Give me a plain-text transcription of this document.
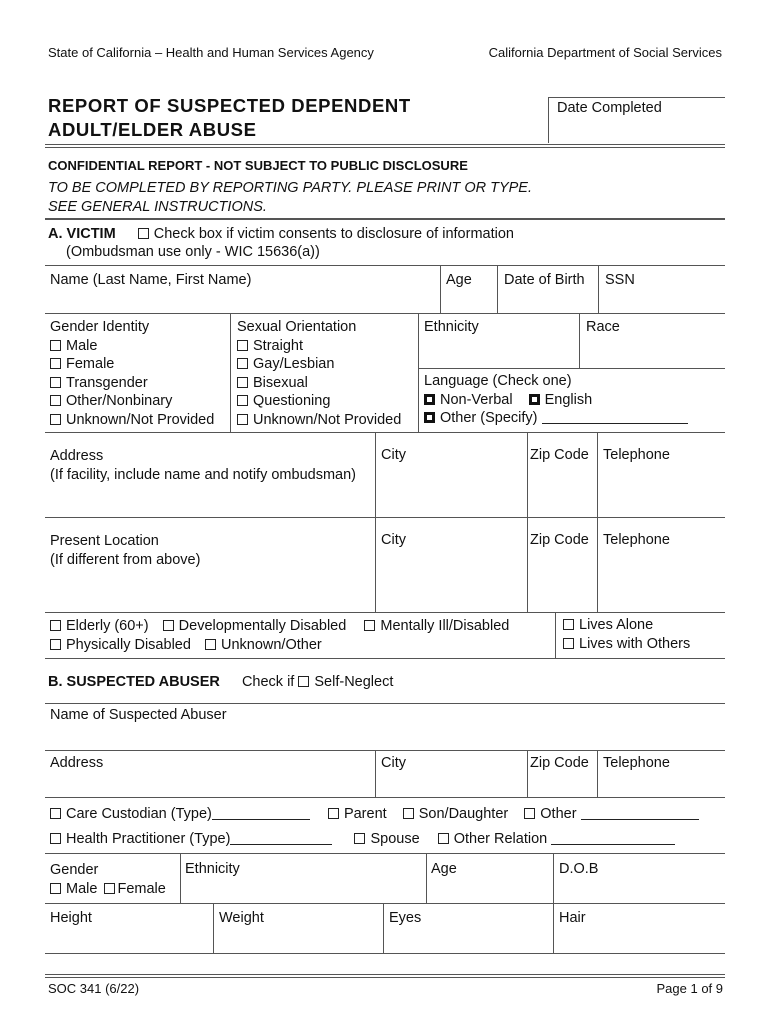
State of California – Health and Human Services Agency	California Department of Social Services
REPORT OF SUSPECTED DEPENDENT
ADULT/ELDER ABUSE
Date Completed
CONFIDENTIAL REPORT - NOT SUBJECT TO PUBLIC DISCLOSURE
TO BE COMPLETED BY REPORTING PARTY. PLEASE PRINT OR TYPE.
SEE GENERAL INSTRUCTIONS.
A. VICTIM	Check box if victim consents to disclosure of information
(Ombudsman use only - WIC 15636(a))
Name (Last Name, First Name)	Age Date of Birth SSN
Gender Identity
Male
Female
Transgender
Other/Nonbinary
Unknown/Not Provided
Sexual Orientation
Straight
Gay/Lesbian
Bisexual
Questioning
Unknown/Not Provided
Ethnicity	Race
Language (Check one)
Non-Verbal English
Other (Specify)
Address
(If facility, include name and notify ombudsman)
City	Zip Code Telephone
Present Location
(If different from above)
City	Zip Code Telephone
Elderly (60+) Developmentally Disabled Mentally Ill/Disabled
Physically Disabled Unknown/Other
Lives Alone
Lives with Others
B. SUSPECTED ABUSER Check if Self-Neglect
Name of Suspected Abuser
Address	City	Zip Code Telephone
Care Custodian (Type)	Parent Son/Daughter Other
Health Practitioner (Type)	Spouse Other Relation
Gender
Male Female
Ethnicity	Age	D.O.B
Height	Weight	Eyes	Hair
SOC 341 (6/22)	Page 1 of 9
